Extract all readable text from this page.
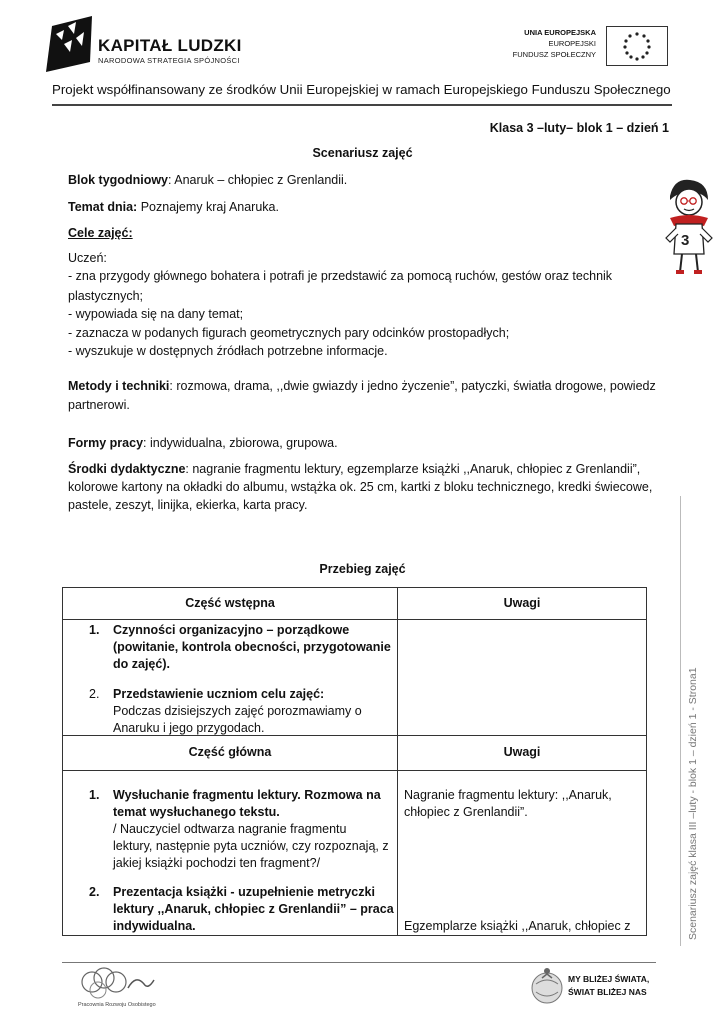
KAPITAŁ LUDZKI
NARODOWA STRATEGIA SPÓJNOŚCI
UNIA EUROPEJSKA
EUROPEJSKI
FUNDUSZ SPOŁECZNY
Projekt współfinansowany ze środków Unii Europejskiej w ramach Europejskiego Funduszu Społecznego
Klasa 3 –luty– blok 1 – dzień 1
Scenariusz zajęć
Blok tygodniowy: Anaruk – chłopiec z Grenlandii.
Temat dnia: Poznajemy kraj Anaruka.
Cele zajęć:
Uczeń:
- zna przygody głównego bohatera i potrafi je przedstawić za pomocą ruchów, gestów oraz technik
plastycznych;
- wypowiada się na dany temat;
- zaznacza w podanych figurach geometrycznych pary odcinków prostopadłych;
- wyszukuje w dostępnych źródłach potrzebne informacje.
Metody i techniki: rozmowa, drama, ,,dwie gwiazdy i jedno życzenie”, patyczki, światła drogowe, powiedz
partnerowi.
Formy pracy: indywidualna, zbiorowa, grupowa.
Środki dydaktyczne: nagranie fragmentu lektury, egzemplarze książki ,,Anaruk, chłopiec z Grenlandii”,
kolorowe kartony na okładki do albumu, wstążka ok. 25 cm, kartki z bloku technicznego, kredki świecowe,
pastele, zeszyt, linijka, ekierka, karta pracy.
Przebieg zajęć
3
Część wstępna	Uwagi
1. Czynności organizacyjno – porządkowe
(powitanie, kontrola obecności, przygotowanie
do zajęć).
2. Przedstawienie uczniom celu zajęć:
Podczas dzisiejszych zajęć porozmawiamy o
Anaruku i jego przygodach.
Część główna	Uwagi
1. Wysłuchanie fragmentu lektury. Rozmowa na
temat wysłuchanego tekstu.
/ Nauczyciel odtwarza nagranie fragmentu
lektury, następnie pyta uczniów, czy rozpoznają, z
jakiej książki pochodzi ten fragment?/
Nagranie fragmentu lektury: ,,Anaruk,
chłopiec z Grenlandii”.
2. Prezentacja książki - uzupełnienie metryczki
lektury ,,Anaruk, chłopiec z Grenlandii” – praca
indywidualna.	Egzemplarze książki ,,Anaruk, chłopiec z	Scenariusz zajęć klasa III –luty - blok 1 – dzień 1 - Strona1
Pracownia Rozwoju Osobistego
MY BLIŻEJ ŚWIATA,
ŚWIAT BLIŻEJ NAS
